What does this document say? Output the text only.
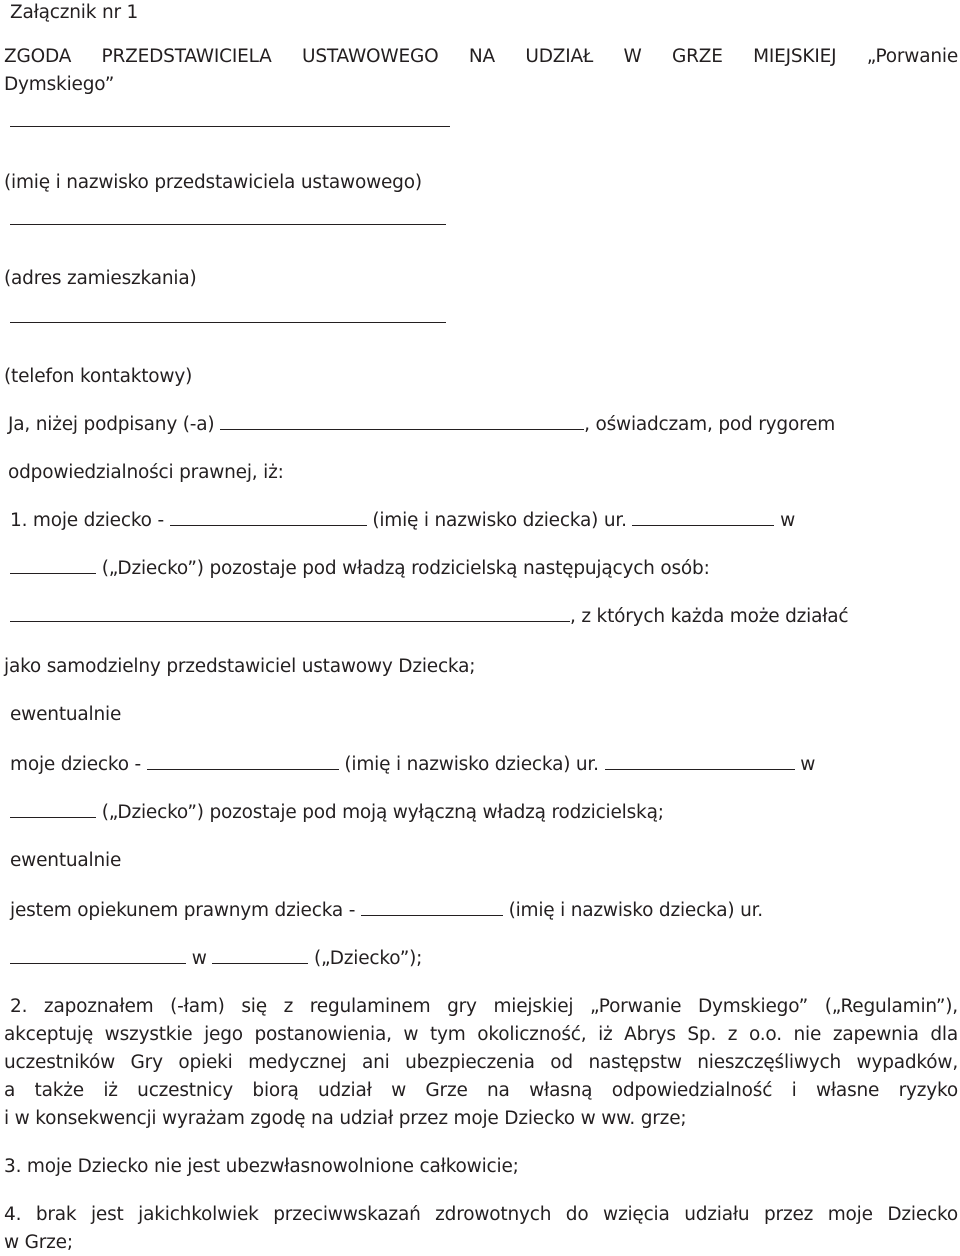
Załącznik nr 1
ZGODA PRZEDSTAWICIELA USTAWOWEGO NA UDZIAŁ W GRZE MIEJSKIEJ „Porwanie
Dymskiego”
(imię i nazwisko przedstawiciela ustawowego)
(adres zamieszkania)
(telefon kontaktowy)
Ja, niżej podpisany (-a)	, oświadczam, pod rygorem
odpowiedzialności prawnej, iż:
1. moje dziecko -	(imię i nazwisko dziecka) ur.	w
(„Dziecko”) pozostaje pod władzą rodzicielską następujących osób:
, z których każda może działać
jako samodzielny przedstawiciel ustawowy Dziecka;
ewentualnie
moje dziecko -	(imię i nazwisko dziecka) ur.	w
(„Dziecko”) pozostaje pod moją wyłączną władzą rodzicielską;
ewentualnie
jestem opiekunem prawnym dziecka -	(imię i nazwisko dziecka) ur.
w	(„Dziecko”);
2. zapoznałem (-łam) się z regulaminem gry miejskiej „Porwanie Dymskiego” („Regulamin”),
akceptuję wszystkie jego postanowienia, w tym okoliczność, iż Abrys Sp. z o.o. nie zapewnia dla
uczestników Gry opieki medycznej ani ubezpieczenia od następstw nieszczęśliwych wypadków,
a także iż uczestnicy biorą udział w Grze na własną odpowiedzialność i własne ryzyko
i w konsekwencji wyrażam zgodę na udział przez moje Dziecko w ww. grze;
3. moje Dziecko nie jest ubezwłasnowolnione całkowicie;
4. brak jest jakichkolwiek przeciwwskazań zdrowotnych do wzięcia udziału przez moje Dziecko
w Grze;
